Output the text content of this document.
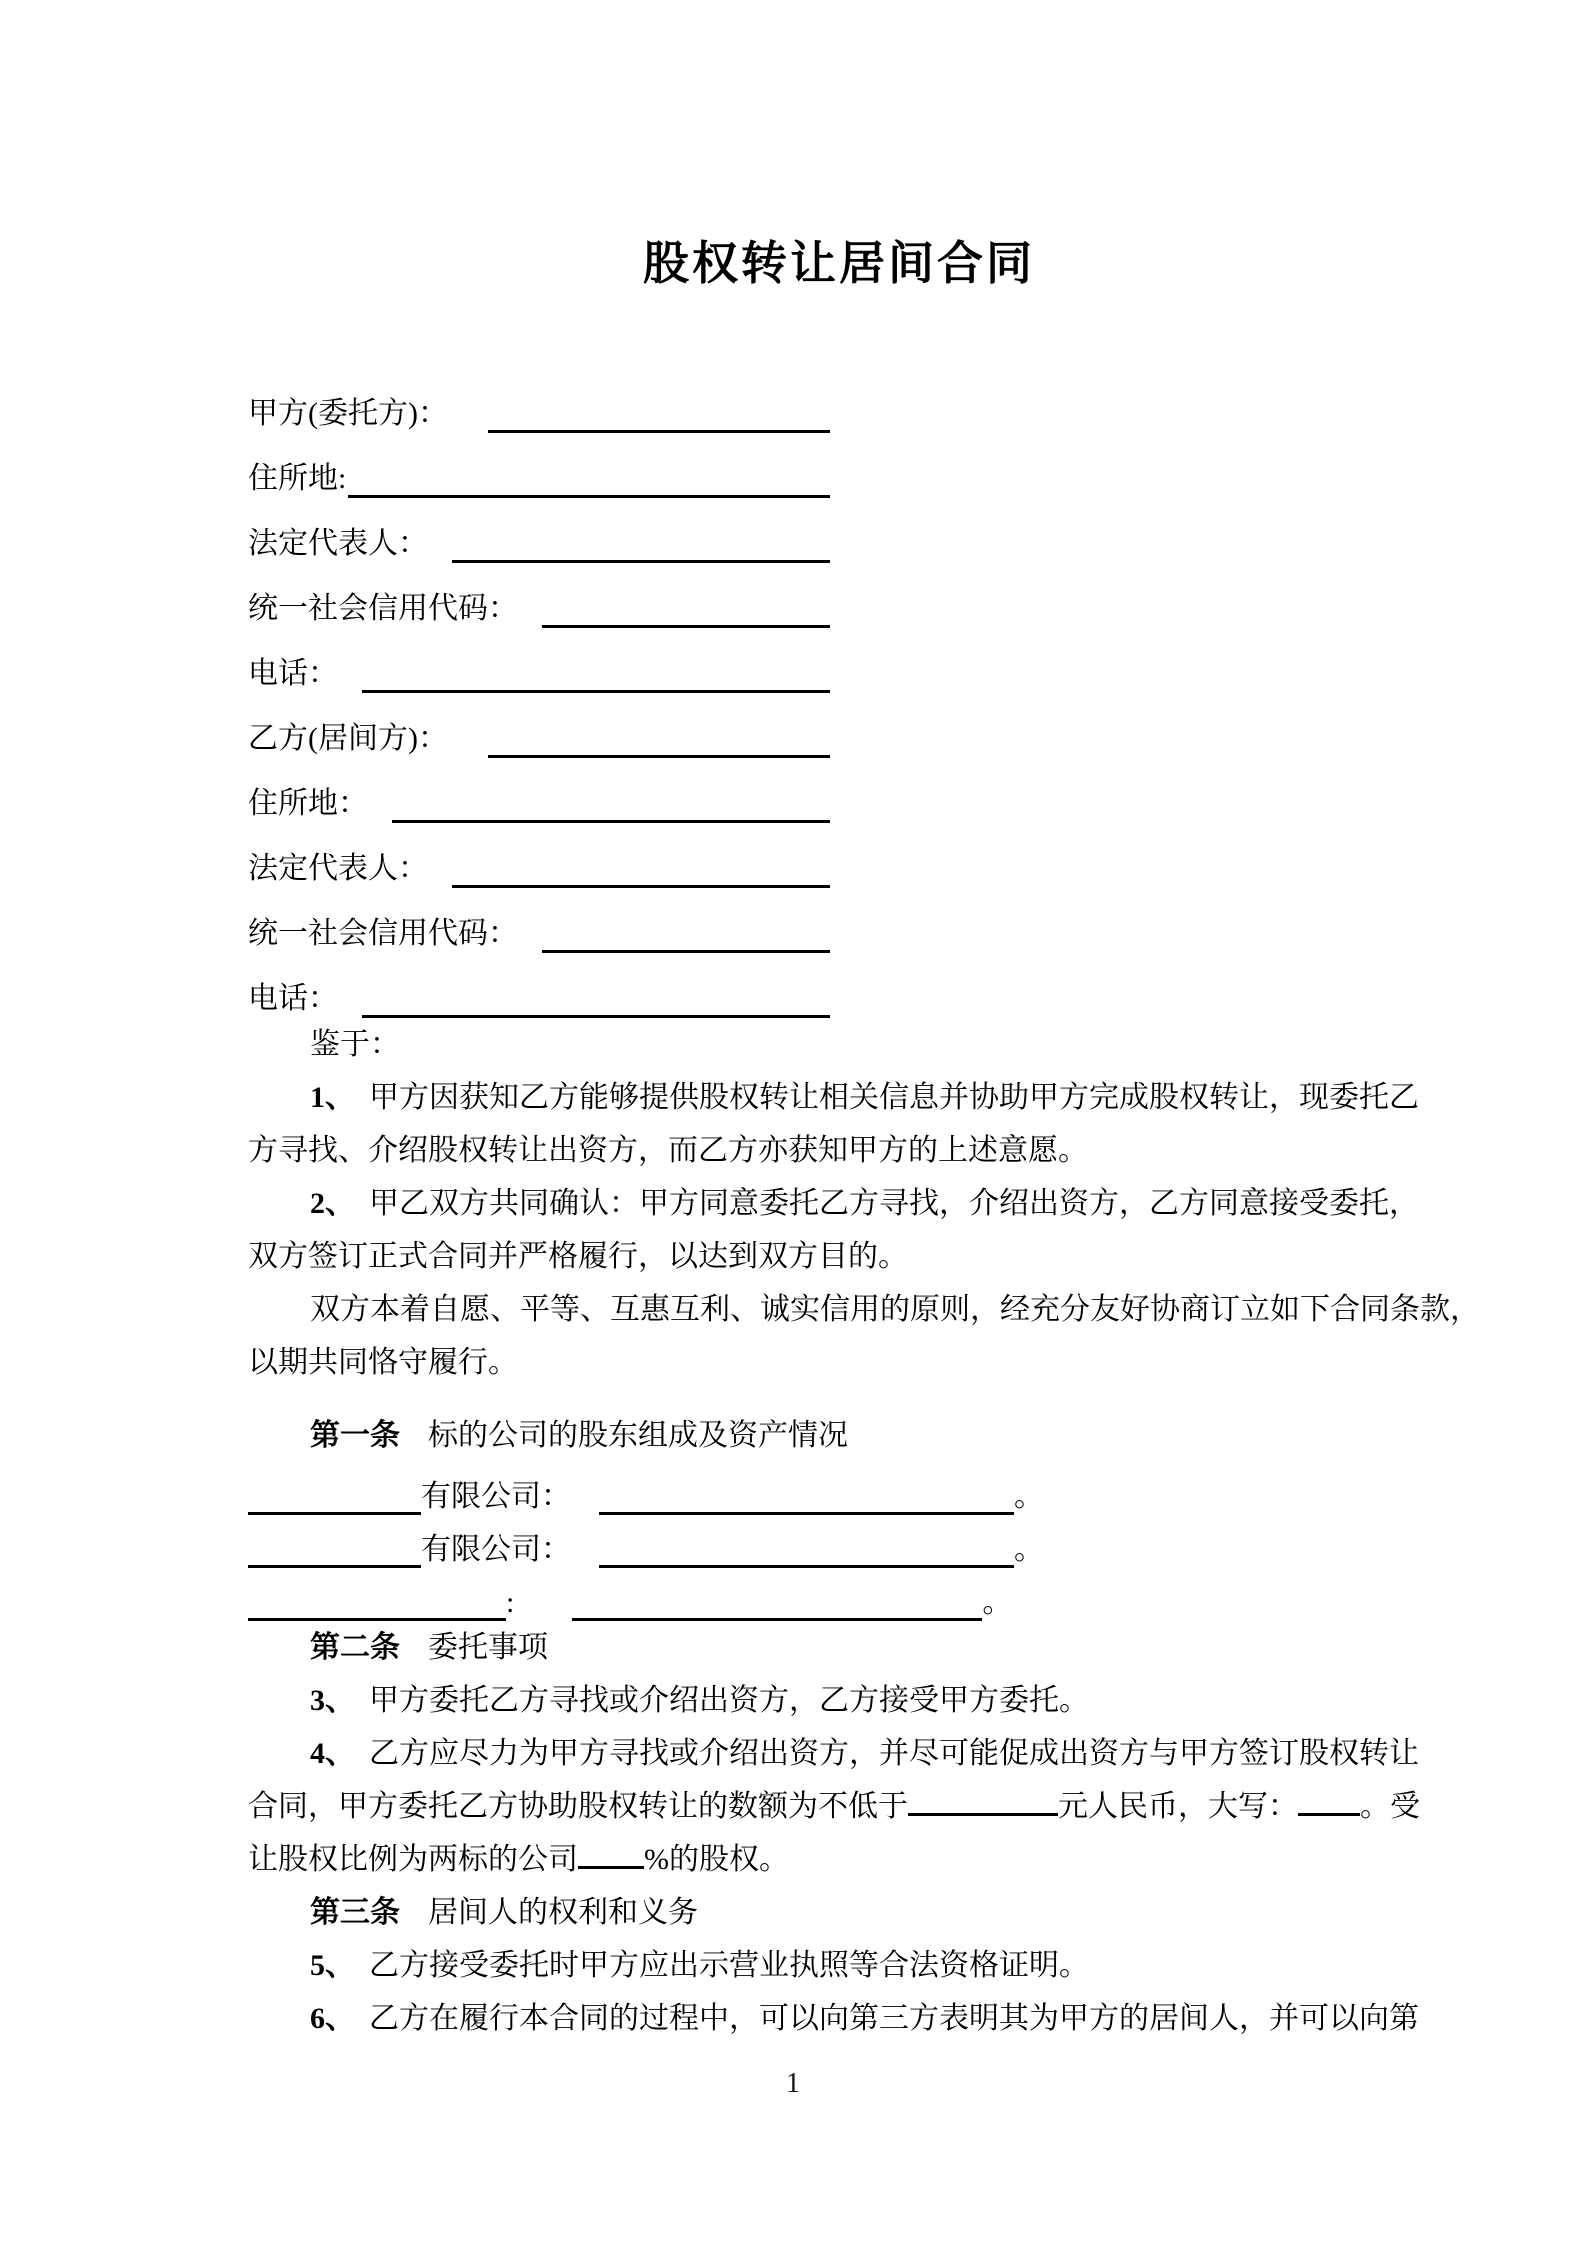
股权转让居间合同
甲方(委托方)：
住所地:
法定代表人：
统一社会信用代码：
电话：
乙方(居间方)：
住所地：
法定代表人：
统一社会信用代码：
电话：
鉴于：
1、 甲方因获知乙方能够提供股权转让相关信息并协助甲方完成股权转让，现委托乙
方寻找、介绍股权转让出资方，而乙方亦获知甲方的上述意愿。
2、 甲乙双方共同确认：甲方同意委托乙方寻找，介绍出资方，乙方同意接受委托，
双方签订正式合同并严格履行，以达到双方目的。
双方本着自愿、平等、互惠互利、诚实信用的原则，经充分友好协商订立如下合同条款，
以期共同恪守履行。
第一条 标的公司的股东组成及资产情况
有限公司：	。
有限公司：	。
:	。
第二条 委托事项
3、 甲方委托乙方寻找或介绍出资方，乙方接受甲方委托。
4、 乙方应尽力为甲方寻找或介绍出资方，并尽可能促成出资方与甲方签订股权转让
合同，甲方委托乙方协助股权转让的数额为不低于	元人民币，大写： 。受
让股权比例为两标的公司 %的股权。
第三条 居间人的权利和义务
5、 乙方接受委托时甲方应出示营业执照等合法资格证明。
6、 乙方在履行本合同的过程中，可以向第三方表明其为甲方的居间人，并可以向第
1
